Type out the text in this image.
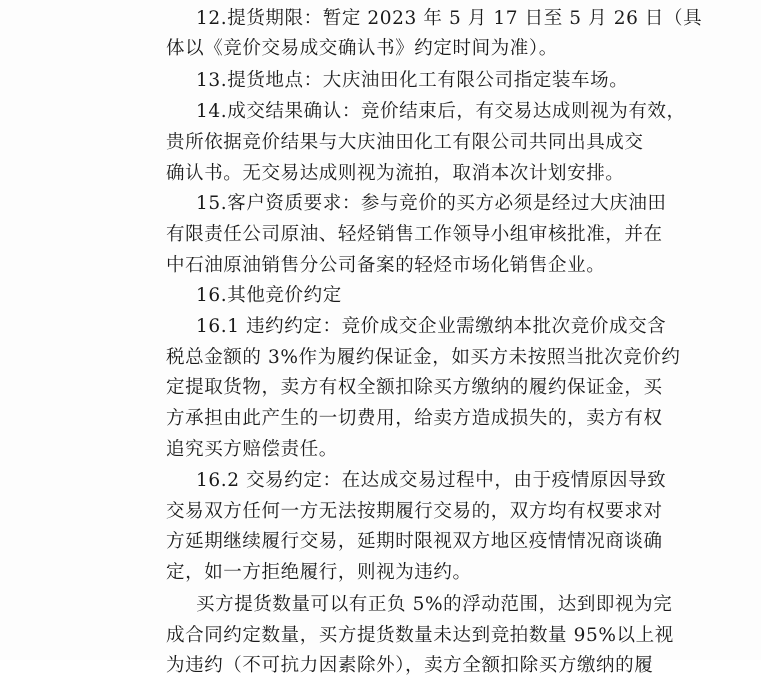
12.提货期限：暂定 2023 年 5 月 17 日至 5 月 26 日（具
体以《竞价交易成交确认书》约定时间为准）。
13.提货地点：大庆油田化工有限公司指定装车场。
14.成交结果确认：竞价结束后，有交易达成则视为有效，
贵所依据竞价结果与大庆油田化工有限公司共同出具成交
确认书。无交易达成则视为流拍，取消本次计划安排。
15.客户资质要求：参与竞价的买方必须是经过大庆油田
有限责任公司原油、轻烃销售工作领导小组审核批准，并在
中石油原油销售分公司备案的轻烃市场化销售企业。
16.其他竞价约定
16.1 违约约定：竞价成交企业需缴纳本批次竞价成交含
税总金额的 3%作为履约保证金，如买方未按照当批次竞价约
定提取货物，卖方有权全额扣除买方缴纳的履约保证金，买
方承担由此产生的一切费用，给卖方造成损失的，卖方有权
追究买方赔偿责任。
16.2 交易约定：在达成交易过程中，由于疫情原因导致
交易双方任何一方无法按期履行交易的，双方均有权要求对
方延期继续履行交易，延期时限视双方地区疫情情况商谈确
定，如一方拒绝履行，则视为违约。
买方提货数量可以有正负 5%的浮动范围，达到即视为完
成合同约定数量，买方提货数量未达到竞拍数量 95%以上视
为违约（不可抗力因素除外），卖方全额扣除买方缴纳的履
